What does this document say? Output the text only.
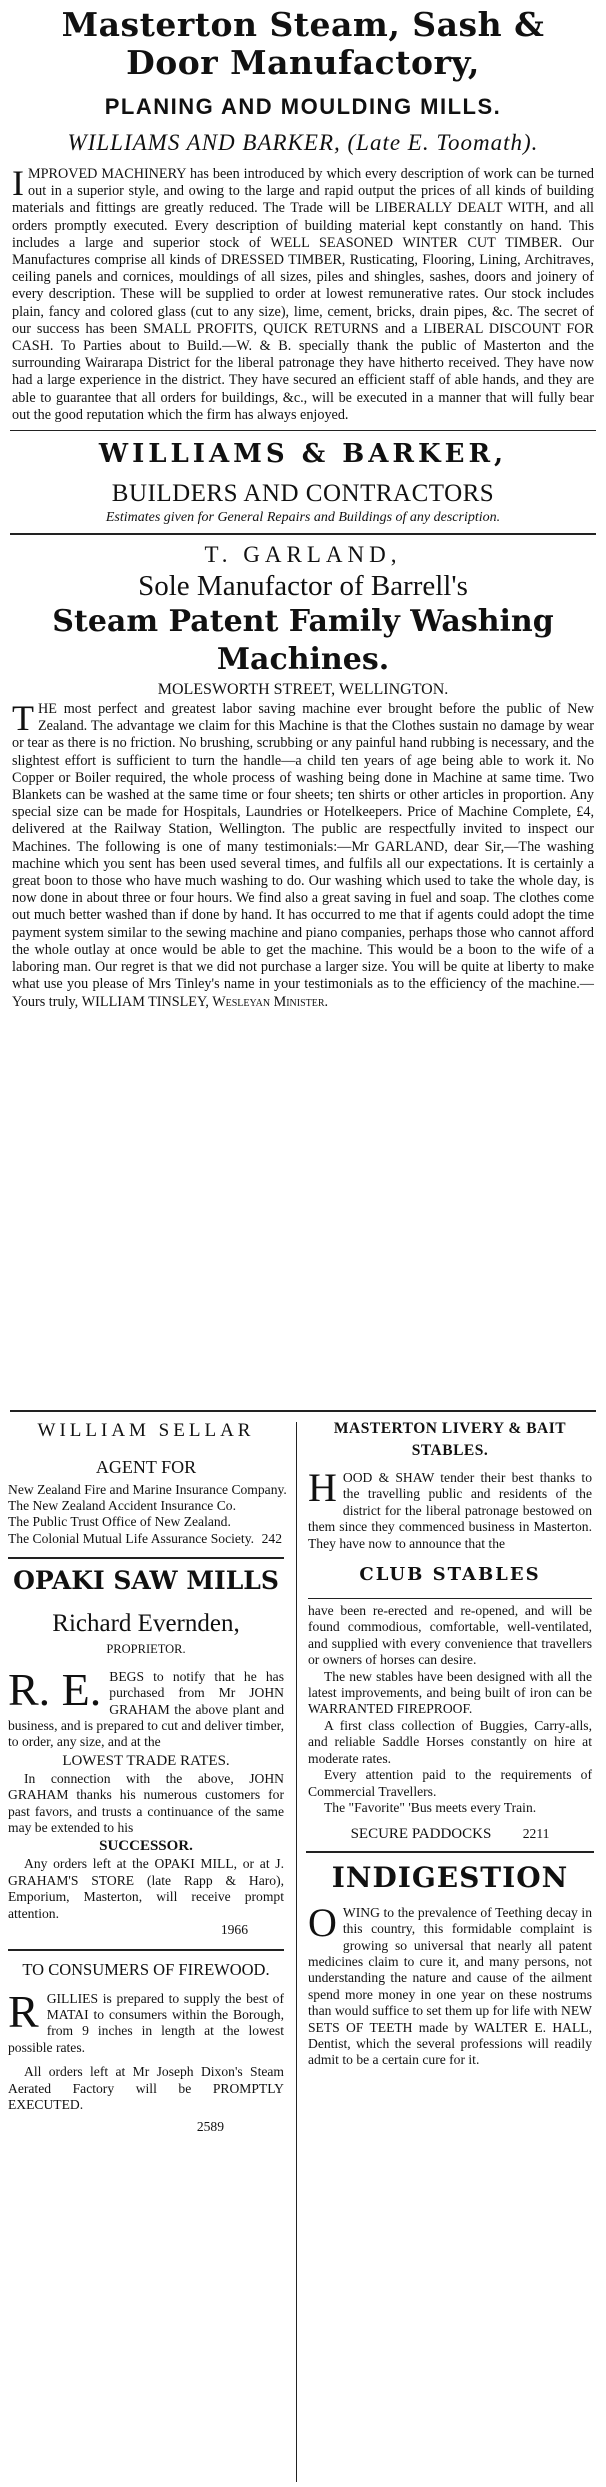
Masterton Steam, Sash & Door Manufactory,

PLANING AND MOULDING MILLS.

WILLIAMS AND BARKER, (Late E. Toomath).

IMPROVED MACHINERY has been introduced by which every description of work can be turned out in a superior style, and owing to the large and rapid output the prices of all kinds of building materials and fittings are greatly reduced. The Trade will be LIBERALLY DEALT WITH, and all orders promptly executed. Every description of building material kept constantly on hand. This includes a large and superior stock of WELL SEASONED WINTER CUT TIMBER. Our Manufactures comprise all kinds of DRESSED TIMBER, Rusticating, Flooring, Lining, Architraves, ceiling panels and cornices, mouldings of all sizes, piles and shingles, sashes, doors and joinery of every description. These will be supplied to order at lowest remunerative rates. Our stock includes plain, fancy and colored glass (cut to any size), lime, cement, bricks, drain pipes, &c. The secret of our success has been SMALL PROFITS, QUICK RETURNS and a LIBERAL DISCOUNT FOR CASH. To Parties about to Build.—W. & B. specially thank the public of Masterton and the surrounding Wairarapa District for the liberal patronage they have hitherto received. They have now had a large experience in the district. They have secured an efficient staff of able hands, and they are able to guarantee that all orders for buildings, &c., will be executed in a manner that will fully bear out the good reputation which the firm has always enjoyed.

WILLIAMS & BARKER,

BUILDERS AND CONTRACTORS

Estimates given for General Repairs and Buildings of any description.

T. GARLAND,

Sole Manufactor of Barrell's

Steam Patent Family Washing

Machines.

MOLESWORTH STREET, WELLINGTON.

THE most perfect and greatest labor saving machine ever brought before the public of New Zealand. The advantage we claim for this Machine is that the Clothes sustain no damage by wear or tear as there is no friction. No brushing, scrubbing or any painful hand rubbing is necessary, and the slightest effort is sufficient to turn the handle—a child ten years of age being able to work it. No Copper or Boiler required, the whole process of washing being done in Machine at same time. Two Blankets can be washed at the same time or four sheets; ten shirts or other articles in proportion. Any special size can be made for Hospitals, Laundries or Hotelkeepers. Price of Machine Complete, £4, delivered at the Railway Station, Wellington. The public are respectfully invited to inspect our Machines. The following is one of many testimonials:—Mr GARLAND, dear Sir,—The washing machine which you sent has been used several times, and fulfils all our expectations. It is certainly a great boon to those who have much washing to do. Our washing which used to take the whole day, is now done in about three or four hours. We find also a great saving in fuel and soap. The clothes come out much better washed than if done by hand. It has occurred to me that if agents could adopt the time payment system similar to the sewing machine and piano companies, perhaps those who cannot afford the whole outlay at once would be able to get the machine. This would be a boon to the wife of a laboring man. Our regret is that we did not purchase a larger size. You will be quite at liberty to make what use you please of Mrs Tinley's name in your testimonials as to the efficiency of the machine.—Yours truly, WILLIAM TINSLEY, Wesleyan Minister.

WILLIAM SELLAR

AGENT FOR

New Zealand Fire and Marine Insurance Company.

The New Zealand Accident Insurance Co.

The Public Trust Office of New Zealand.

The Colonial Mutual Life Assurance Society. 242

OPAKI SAW MILLS

Richard Evernden,

PROPRIETOR.

R. E. BEGS to notify that he has purchased from Mr JOHN GRAHAM the above plant and business, and is prepared to cut and deliver timber, to order, any size, and at the

LOWEST TRADE RATES.

In connection with the above, JOHN GRAHAM thanks his numerous customers for past favors, and trusts a continuance of the same may be extended to his

SUCCESSOR.

Any orders left at the OPAKI MILL, or at J. GRAHAM'S STORE (late Rapp & Haro), Emporium, Masterton, will receive prompt attention.

1966

TO CONSUMERS OF FIREWOOD.

R GILLIES is prepared to supply the best of MATAI to consumers within the Borough, from 9 inches in length at the lowest possible rates.

All orders left at Mr Joseph Dixon's Steam Aerated Factory will be PROMPTLY EXECUTED.

2589

MASTERTON LIVERY & BAIT STABLES.

H OOD & SHAW tender their best thanks to the travelling public and residents of the district for the liberal patronage bestowed on them since they commenced business in Masterton. They have now to announce that the

CLUB STABLES

have been re-erected and re-opened, and will be found commodious, comfortable, well-ventilated, and supplied with every convenience that travellers or owners of horses can desire.

The new stables have been designed with all the latest improvements, and being built of iron can be WARRANTED FIREPROOF.

A first class collection of Buggies, Carry-alls, and reliable Saddle Horses constantly on hire at moderate rates.

Every attention paid to the requirements of Commercial Travellers.

The "Favorite" 'Bus meets every Train.

SECURE PADDOCKS 2211

INDIGESTION

O WING to the prevalence of Teething decay in this country, this formidable complaint is growing so universal that nearly all patent medicines claim to cure it, and many persons, not understanding the nature and cause of the ailment spend more money in one year on these nostrums than would suffice to set them up for life with NEW SETS OF TEETH made by WALTER E. HALL, Dentist, which the several professions will readily admit to be a certain cure for it.
